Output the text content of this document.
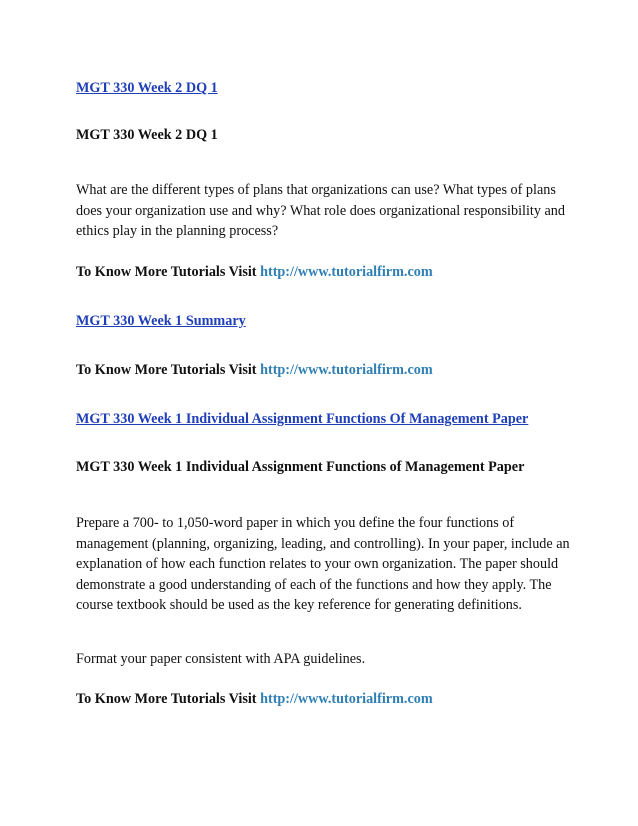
MGT 330 Week 2 DQ 1
MGT 330 Week 2 DQ 1
What are the different types of plans that organizations can use? What types of plans does your organization use and why? What role does organizational responsibility and ethics play in the planning process?
To Know More Tutorials Visit http://www.tutorialfirm.com
MGT 330 Week 1 Summary
To Know More Tutorials Visit http://www.tutorialfirm.com
MGT 330 Week 1 Individual Assignment Functions Of Management Paper
MGT 330 Week 1 Individual Assignment Functions of Management Paper
Prepare a 700- to 1,050-word paper in which you define the four functions of management (planning, organizing, leading, and controlling). In your paper, include an explanation of how each function relates to your own organization. The paper should demonstrate a good understanding of each of the functions and how they apply. The course textbook should be used as the key reference for generating definitions.
Format your paper consistent with APA guidelines.
To Know More Tutorials Visit http://www.tutorialfirm.com
